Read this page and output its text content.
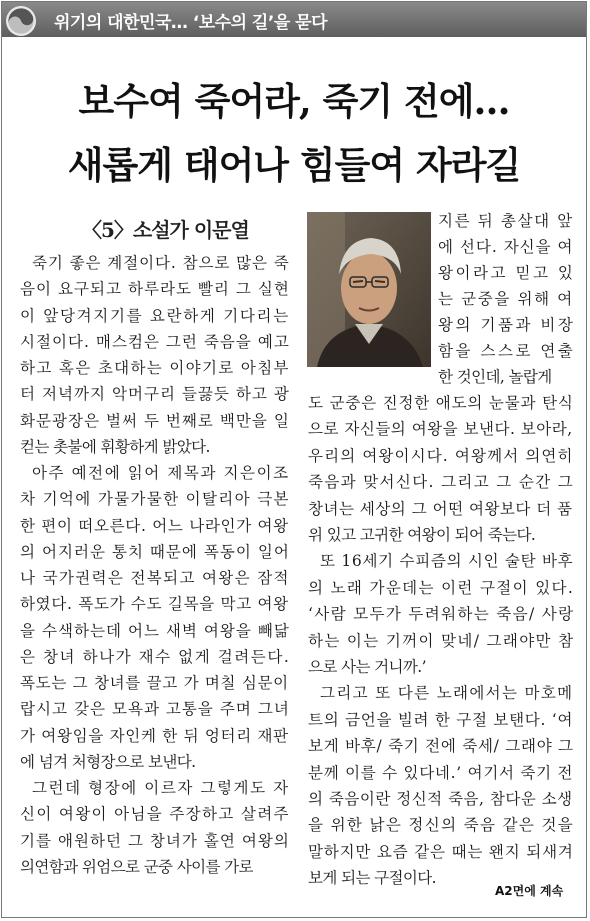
위기의 대한민국… ‘보수의 길’을 묻다
보수여 죽어라, 죽기 전에…
새롭게 태어나 힘들여 자라길
〈5〉소설가 이문열
죽기 좋은 계절이다. 참으로 많은 죽
음이 요구되고 하루라도 빨리 그 실현
이 앞당겨지기를 요란하게 기다리는
시절이다. 매스컴은 그런 죽음을 예고
하고 혹은 초대하는 이야기로 아침부
터 저녁까지 악머구리 들끓듯 하고 광
화문광장은 벌써 두 번째로 백만을 일
컫는 촛불에 휘황하게 밝았다.
아주 예전에 읽어 제목과 지은이조
차 기억에 가물가물한 이탈리아 극본
한 편이 떠오른다. 어느 나라인가 여왕
의 어지러운 통치 때문에 폭동이 일어
나 국가권력은 전복되고 여왕은 잠적
하였다. 폭도가 수도 길목을 막고 여왕
을 수색하는데 어느 새벽 여왕을 빼닮
은 창녀 하나가 재수 없게 걸려든다.
폭도는 그 창녀를 끌고 가 며칠 심문이
랍시고 갖은 모욕과 고통을 주며 그녀
가 여왕임을 자인케 한 뒤 엉터리 재판
에 넘겨 처형장으로 보낸다.
그런데 형장에 이르자 그렇게도 자
신이 여왕이 아님을 주장하고 살려주
기를 애원하던 그 창녀가 홀연 여왕의
의연함과 위엄으로 군중 사이를 가로
지른 뒤 총살대 앞
에 선다. 자신을 여
왕이라고 믿고 있
는 군중을 위해 여
왕의 기품과 비장
함을 스스로 연출
한 것인데, 놀랍게
도 군중은 진정한 애도의 눈물과 탄식
으로 자신들의 여왕을 보낸다. 보아라,
우리의 여왕이시다. 여왕께서 의연히
죽음과 맞서신다. 그리고 그 순간 그
창녀는 세상의 그 어떤 여왕보다 더 품
위 있고 고귀한 여왕이 되어 죽는다.
또 16세기 수피즘의 시인 술탄 바후
의 노래 가운데는 이런 구절이 있다.
‘사람 모두가 두려워하는 죽음/ 사랑
하는 이는 기꺼이 맞네/ 그래야만 참
으로 사는 거니까.’
그리고 또 다른 노래에서는 마호메
트의 금언을 빌려 한 구절 보탠다. ‘여
보게 바후/ 죽기 전에 죽세/ 그래야 그
분께 이를 수 있다네.’ 여기서 죽기 전
의 죽음이란 정신적 죽음, 참다운 소생
을 위한 낡은 정신의 죽음 같은 것을
말하지만 요즘 같은 때는 왠지 되새겨
보게 되는 구절이다.
A2면에 계속
